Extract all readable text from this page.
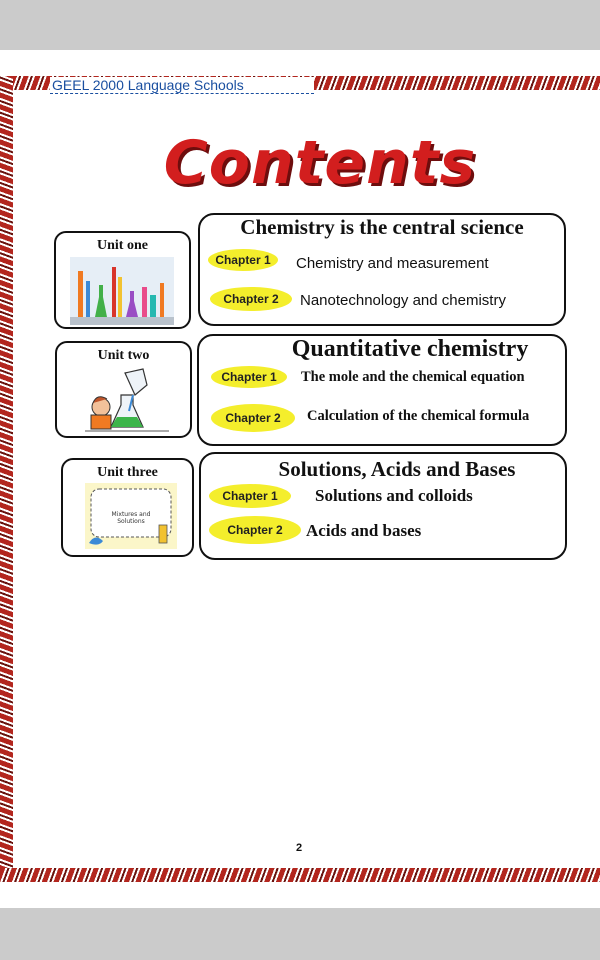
GEEL 2000 Language Schools
Contents
Unit one
Chemistry is the central science
Chapter 1	Chemistry and measurement
Chapter 2	Nanotechnology and chemistry
Unit two	Quantitative chemistry
Chapter 1	The mole and the chemical equation
Chapter 2	Calculation of the chemical formula
Unit three
Mixtures and Solutions
Solutions, Acids and Bases
Chapter 1	Solutions and colloids
Chapter 2	Acids and bases
2
